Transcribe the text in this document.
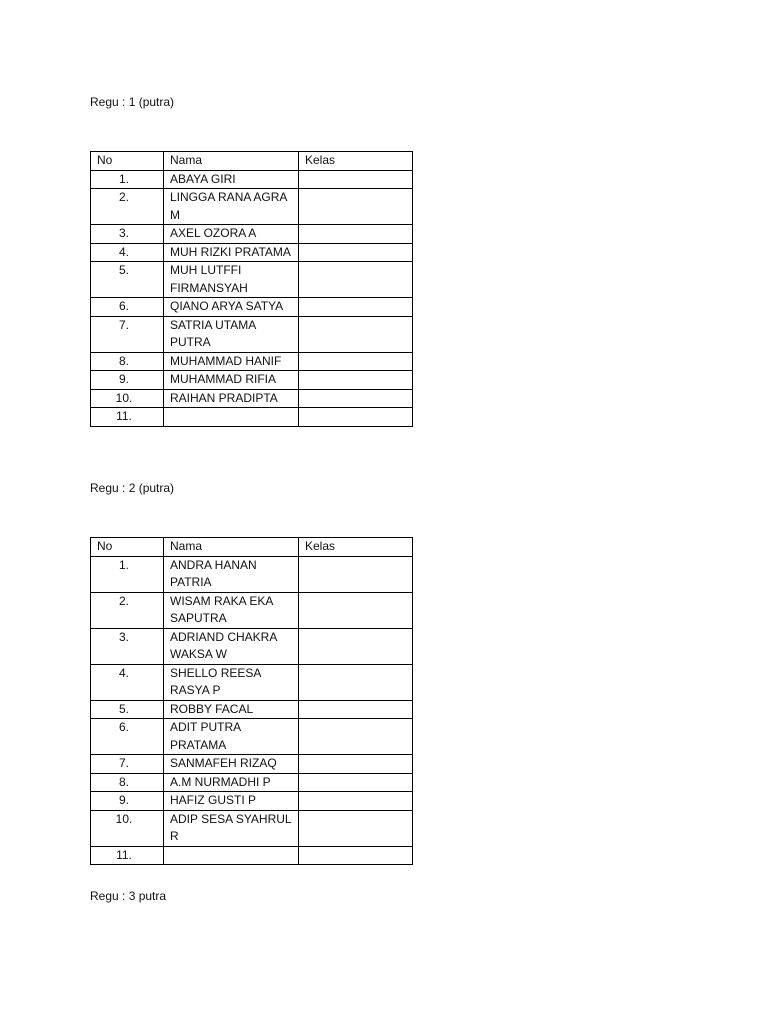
Regu : 1 (putra)
No	Nama	Kelas
1.	ABAYA GIRI	
2.	LINGGA RANA AGRA M	
3.	AXEL OZORA A	
4.	MUH RIZKI PRATAMA	
5.	MUH LUTFFI FIRMANSYAH	
6.	QIANO ARYA SATYA	
7.	SATRIA UTAMA PUTRA	
8.	MUHAMMAD HANIF	
9.	MUHAMMAD RIFIA	
10.	RAIHAN PRADIPTA	
11.		
Regu : 2 (putra)
No	Nama	Kelas
1.	ANDRA HANAN PATRIA	
2.	WISAM RAKA EKA SAPUTRA	
3.	ADRIAND CHAKRA WAKSA W	
4.	SHELLO REESA RASYA P	
5.	ROBBY FACAL	
6.	ADIT PUTRA PRATAMA	
7.	SANMAFEH RIZAQ	
8.	A.M NURMADHI P	
9.	HAFIZ GUSTI P	
10.	ADIP SESA SYAHRUL R	
11.		
Regu : 3 putra
